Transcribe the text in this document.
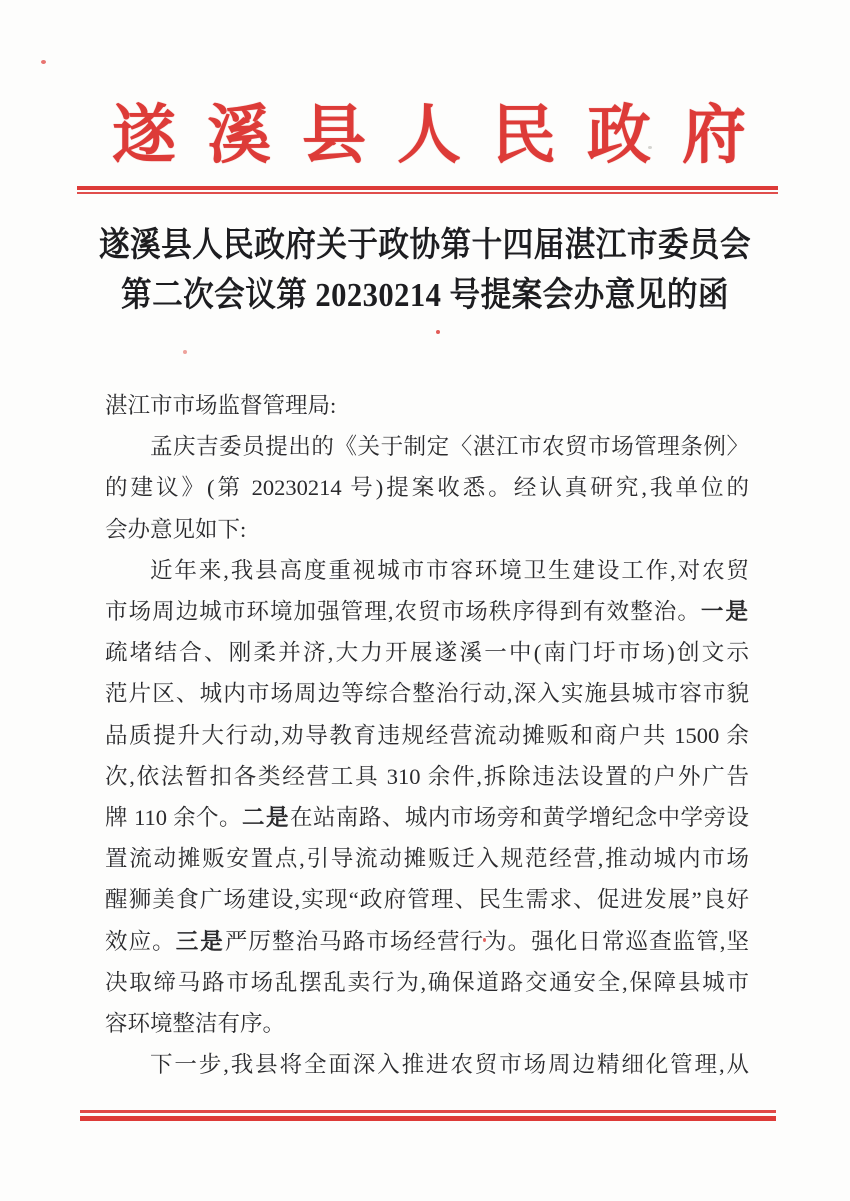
遂溪县人民政府
遂溪县人民政府关于政协第十四届湛江市委员会
第二次会议第 20230214 号提案会办意见的函
湛江市市场监督管理局:
孟庆吉委员提出的《关于制定〈湛江市农贸市场管理条例〉
的建议》(第 20230214 号)提案收悉。经认真研究,我单位的
会办意见如下:
近年来,我县高度重视城市市容环境卫生建设工作,对农贸
市场周边城市环境加强管理,农贸市场秩序得到有效整治。一是
疏堵结合、刚柔并济,大力开展遂溪一中(南门圩市场)创文示
范片区、城内市场周边等综合整治行动,深入实施县城市容市貌
品质提升大行动,劝导教育违规经营流动摊贩和商户共 1500 余
次,依法暂扣各类经营工具 310 余件,拆除违法设置的户外广告
牌 110 余个。二是在站南路、城内市场旁和黄学增纪念中学旁设
置流动摊贩安置点,引导流动摊贩迁入规范经营,推动城内市场
醒狮美食广场建设,实现“政府管理、民生需求、促进发展”良好
效应。三是严厉整治马路市场经营行为。强化日常巡查监管,坚
决取缔马路市场乱摆乱卖行为,确保道路交通安全,保障县城市
容环境整洁有序。
下一步,我县将全面深入推进农贸市场周边精细化管理,从
